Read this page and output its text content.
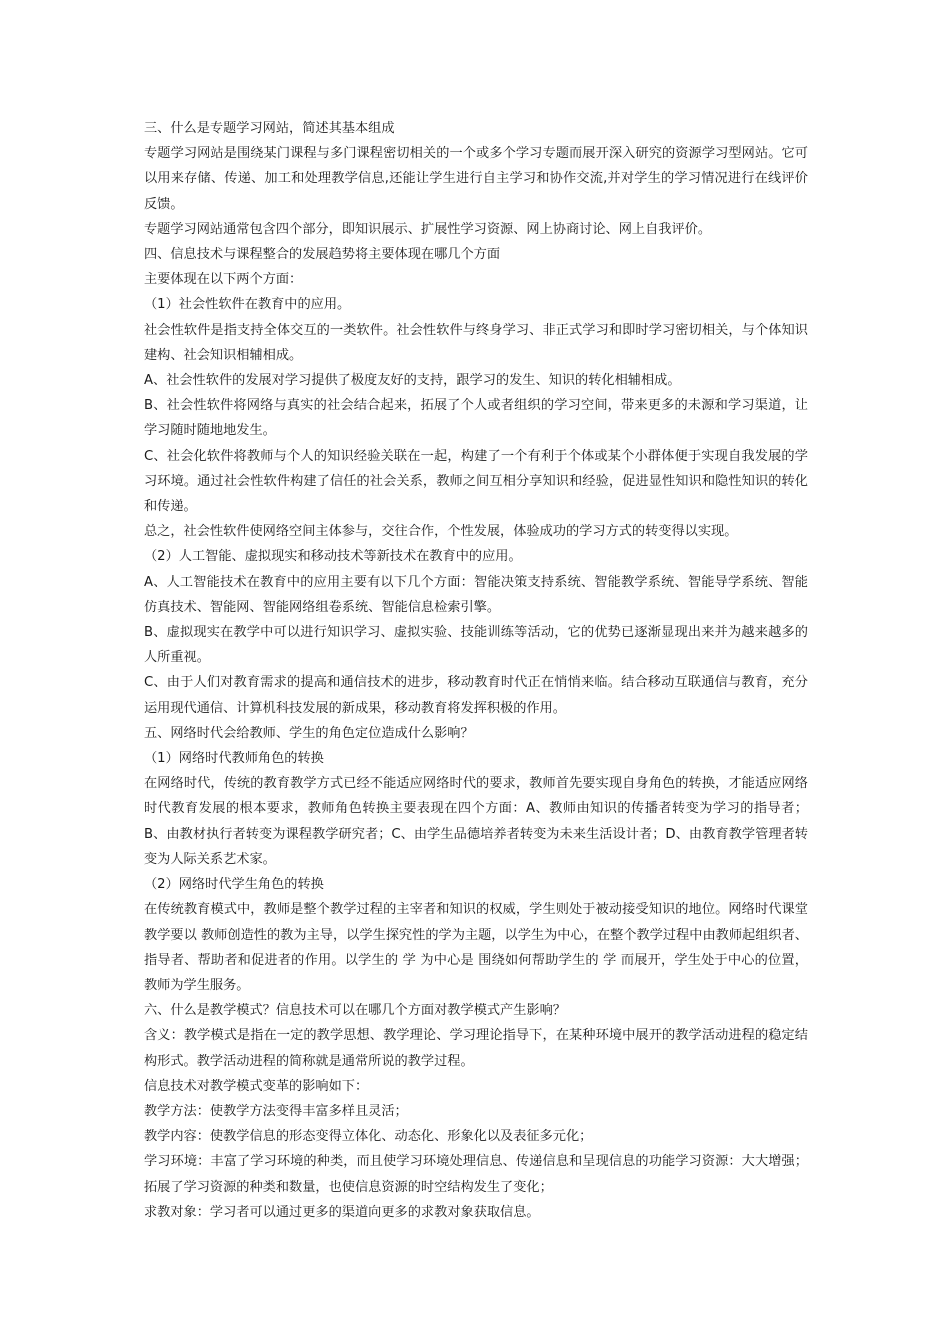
三、什么是专题学习网站，简述其基本组成

专题学习网站是围绕某门课程与多门课程密切相关的一个或多个学习专题而展开深入研究的资源学习型网站。它可以用来存储、传递、加工和处理教学信息,还能让学生进行自主学习和协作交流,并对学生的学习情况进行在线评价反馈。

专题学习网站通常包含四个部分，即知识展示、扩展性学习资源、网上协商讨论、网上自我评价。

四、信息技术与课程整合的发展趋势将主要体现在哪几个方面

主要体现在以下两个方面：

（1）社会性软件在教育中的应用。

社会性软件是指支持全体交互的一类软件。社会性软件与终身学习、非正式学习和即时学习密切相关，与个体知识建构、社会知识相辅相成。

A、社会性软件的发展对学习提供了极度友好的支持，跟学习的发生、知识的转化相辅相成。

B、社会性软件将网络与真实的社会结合起来，拓展了个人或者组织的学习空间，带来更多的未源和学习渠道，让学习随时随地地发生。

C、社会化软件将教师与个人的知识经验关联在一起，构建了一个有利于个体或某个小群体便于实现自我发展的学习环境。通过社会性软件构建了信任的社会关系，教师之间互相分享知识和经验，促进显性知识和隐性知识的转化和传递。

总之，社会性软件使网络空间主体参与，交往合作，个性发展，体验成功的学习方式的转变得以实现。

（2）人工智能、虚拟现实和移动技术等新技术在教育中的应用。

A、人工智能技术在教育中的应用主要有以下几个方面：智能决策支持系统、智能教学系统、智能导学系统、智能仿真技术、智能网、智能网络组卷系统、智能信息检索引擎。

B、虚拟现实在教学中可以进行知识学习、虚拟实验、技能训练等活动，它的优势已逐渐显现出来并为越来越多的人所重视。

C、由于人们对教育需求的提高和通信技术的进步，移动教育时代正在悄悄来临。结合移动互联通信与教育，充分运用现代通信、计算机科技发展的新成果，移动教育将发挥积极的作用。

五、网络时代会给教师、学生的角色定位造成什么影响？

（1）网络时代教师角色的转换

在网络时代，传统的教育教学方式已经不能适应网络时代的要求，教师首先要实现自身角色的转换，才能适应网络时代教育发展的根本要求，教师角色转换主要表现在四个方面：A、教师由知识的传播者转变为学习的指导者；B、由教材执行者转变为课程教学研究者；C、由学生品德培养者转变为未来生活设计者；D、由教育教学管理者转变为人际关系艺术家。

（2）网络时代学生角色的转换

在传统教育模式中，教师是整个教学过程的主宰者和知识的权威，学生则处于被动接受知识的地位。网络时代课堂教学要以 教师创造性的教为主导，以学生探究性的学为主题，以学生为中心，在整个教学过程中由教师起组织者、指导者、帮助者和促进者的作用。以学生的 学 为中心是 围绕如何帮助学生的 学 而展开，学生处于中心的位置，教师为学生服务。

六、什么是教学模式？信息技术可以在哪几个方面对教学模式产生影响？

含义：教学模式是指在一定的教学思想、教学理论、学习理论指导下，在某种环境中展开的教学活动进程的稳定结构形式。教学活动进程的简称就是通常所说的教学过程。

信息技术对教学模式变革的影响如下：

教学方法：使教学方法变得丰富多样且灵活；

教学内容：使教学信息的形态变得立体化、动态化、形象化以及表征多元化；

学习环境：丰富了学习环境的种类，而且使学习环境处理信息、传递信息和呈现信息的功能学习资源：大大增强；拓展了学习资源的种类和数量，也使信息资源的时空结构发生了变化；

求教对象：学习者可以通过更多的渠道向更多的求教对象获取信息。
